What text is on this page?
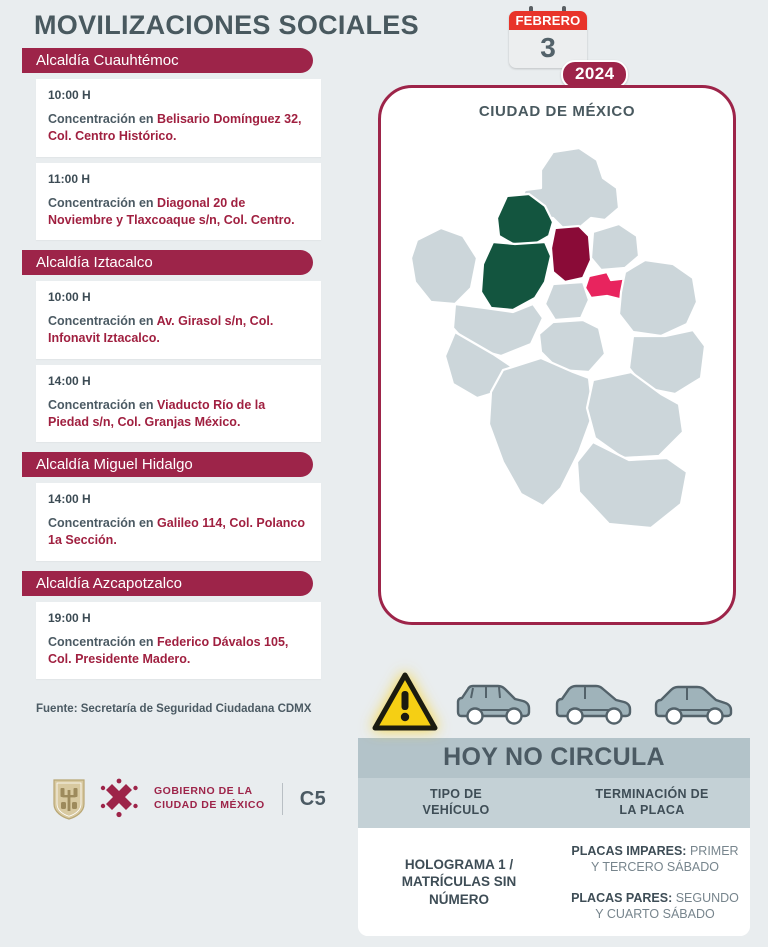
MOVILIZACIONES SOCIALES	FEBRERO
3
2024
Alcaldía Cuauhtémoc
10:00 H
Concentración en Belisario Domínguez 32, Col. Centro Histórico.
11:00 H
Concentración en Diagonal 20 de Noviembre y Tlaxcoaque s/n, Col. Centro.
Alcaldía Iztacalco
10:00 H
Concentración en Av. Girasol s/n, Col. Infonavit Iztacalco.
14:00 H
Concentración en Viaducto Río de la Piedad s/n, Col. Granjas México.
Alcaldía Miguel Hidalgo
14:00 H
Concentración en Galileo 114, Col. Polanco 1a Sección.
Alcaldía Azcapotzalco
19:00 H
Concentración en Federico Dávalos 105, Col. Presidente Madero.
Fuente: Secretaría de Seguridad Ciudadana CDMX
GOBIERNO DE LA
CIUDAD DE MÉXICO C5
CIUDAD DE MÉXICO
HOY NO CIRCULA
TIPO DE
VEHÍCULO
TERMINACIÓN DE
LA PLACA
HOLOGRAMA 1 / MATRÍCULAS SIN NÚMERO
PLACAS IMPARES: PRIMER Y TERCERO SÁBADO
PLACAS PARES: SEGUNDO Y CUARTO SÁBADO
